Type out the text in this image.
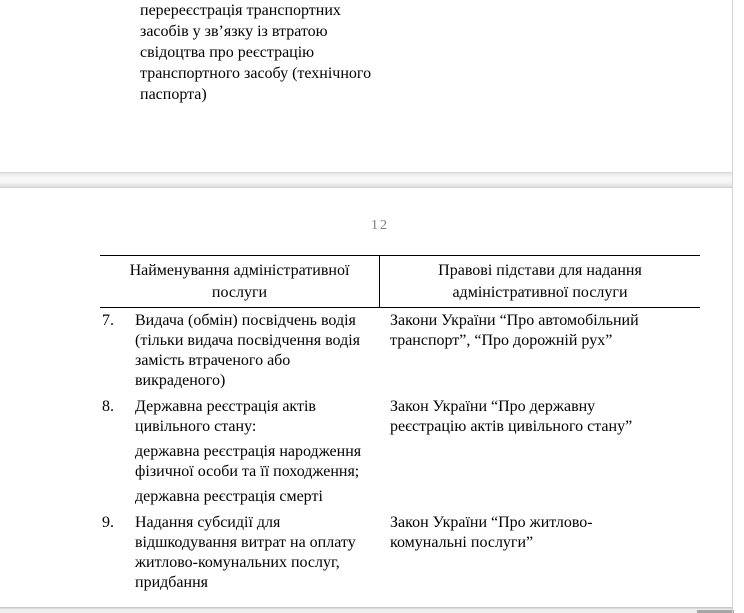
перереєстрація транспортних засобів у зв’язку із втратою свідоцтва про реєстрацію транспортного засобу (технічного паспорта)
12
Найменування адміністративної послуги
Правові підстави для надання адміністративної послуги
7.	Видача (обмін) посвідчень водія (тільки видача посвідчення водія замість втраченого або викраденого)

Закони України “Про автомобільний транспорт”, “Про дорожній рух”
8.	Державна реєстрація актів цивільного стану:

державна реєстрація народження фізичної особи та її походження;

державна реєстрація смерті

Закон України “Про державну реєстрацію актів цивільного стану”
9.	Надання субсидії для відшкодування витрат на оплату житлово-комунальних послуг, придбання

Закон України “Про житлово-комунальні послуги”
